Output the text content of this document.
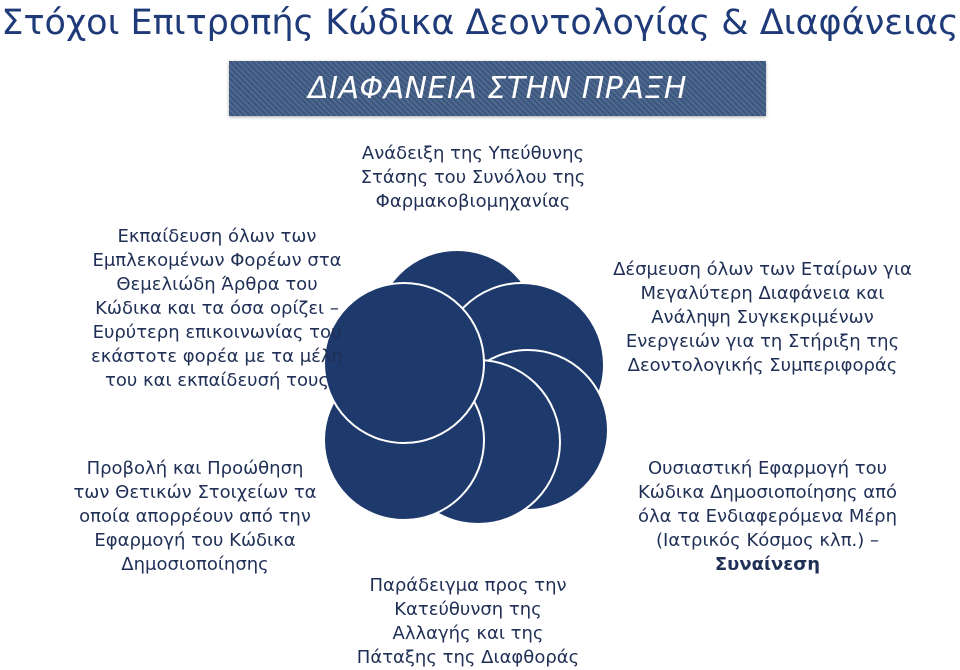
Στόχοι Επιτροπής Κώδικα Δεοντολογίας & Διαφάνειας
ΔΙΑΦΑΝΕΙΑ ΣΤΗΝ ΠΡΑΞΗ
Ανάδειξη της Υπεύθυνης
Στάσης του Συνόλου της
Φαρμακοβιομηχανίας
Εκπαίδευση όλων των
Εμπλεκομένων Φορέων στα
Θεμελιώδη Άρθρα του
Κώδικα και τα όσα ορίζει –
Ευρύτερη επικοινωνίας του
εκάστοτε φορέα με τα μέλη
του και εκπαίδευσή τους
Δέσμευση όλων των Εταίρων για
Μεγαλύτερη Διαφάνεια και
Ανάληψη Συγκεκριμένων
Ενεργειών για τη Στήριξη της
Δεοντολογικής Συμπεριφοράς
Προβολή και Προώθηση
των Θετικών Στοιχείων τα
οποία απορρέουν από την
Εφαρμογή του Κώδικα
Δημοσιοποίησης
Ουσιαστική Εφαρμογή του
Κώδικα Δημοσιοποίησης από
όλα τα Ενδιαφερόμενα Μέρη
(Ιατρικός Κόσμος κλπ.) –
Συναίνεση
Παράδειγμα προς την
Κατεύθυνση της
Αλλαγής και της
Πάταξης της Διαφθοράς
